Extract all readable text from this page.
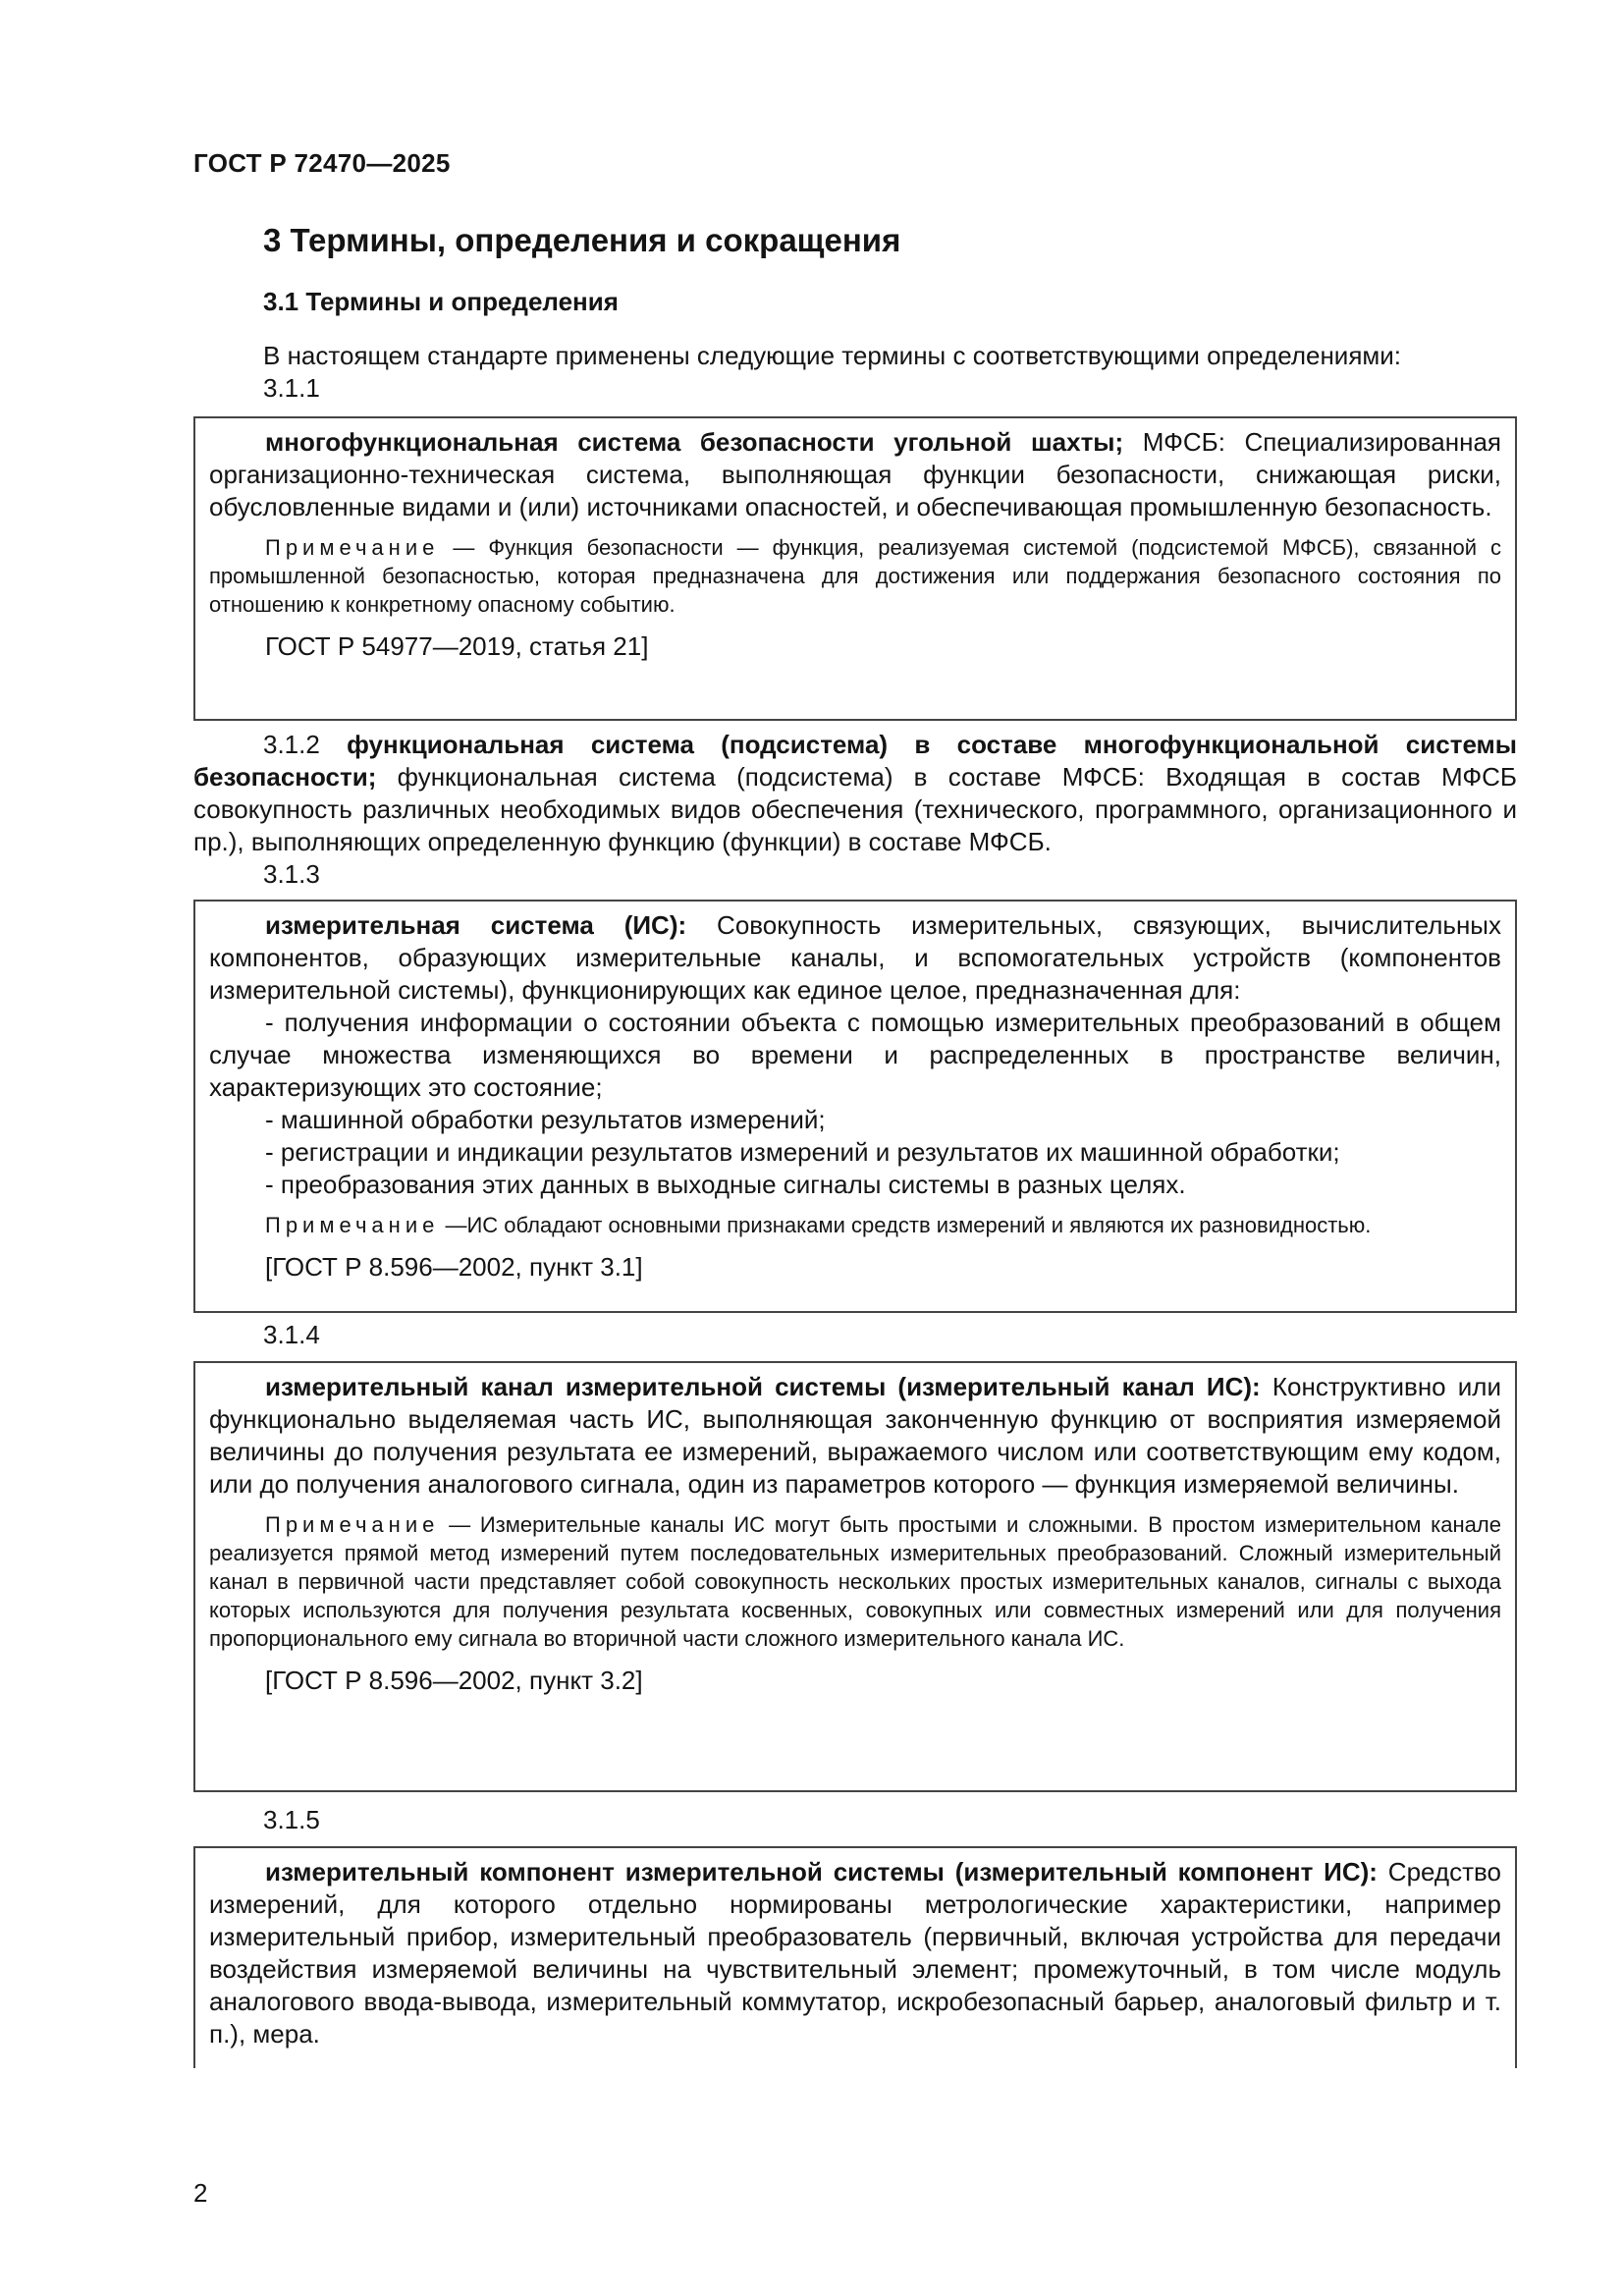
ГОСТ Р 72470—2025
3 Термины, определения и сокращения
3.1 Термины и определения
В настоящем стандарте применены следующие термины с соответствующими определениями:
3.1.1
многофункциональная система безопасности угольной шахты; МФСБ: Специализированная организационно-техническая система, выполняющая функции безопасности, снижающая риски, обусловленные видами и (или) источниками опасностей, и обеспечивающая промышленную безопасность.
Примечание — Функция безопасности — функция, реализуемая системой (подсистемой МФСБ), связанной с промышленной безопасностью, которая предназначена для достижения или поддержания безопасного состояния по отношению к конкретному опасному событию.
ГОСТ Р 54977—2019, статья 21]
3.1.2 функциональная система (подсистема) в составе многофункциональной системы безопасности; функциональная система (подсистема) в составе МФСБ: Входящая в состав МФСБ совокупность различных необходимых видов обеспечения (технического, программного, организационного и пр.), выполняющих определенную функцию (функции) в составе МФСБ.
3.1.3
измерительная система (ИС): Совокупность измерительных, связующих, вычислительных компонентов, образующих измерительные каналы, и вспомогательных устройств (компонентов измерительной системы), функционирующих как единое целое, предназначенная для:
- получения информации о состоянии объекта с помощью измерительных преобразований в общем случае множества изменяющихся во времени и распределенных в пространстве величин, характеризующих это состояние;
- машинной обработки результатов измерений;
- регистрации и индикации результатов измерений и результатов их машинной обработки;
- преобразования этих данных в выходные сигналы системы в разных целях.
Примечание —ИС обладают основными признаками средств измерений и являются их разновидностью.
[ГОСТ Р 8.596—2002, пункт 3.1]
3.1.4
измерительный канал измерительной системы (измерительный канал ИС): Конструктивно или функционально выделяемая часть ИС, выполняющая законченную функцию от восприятия измеряемой величины до получения результата ее измерений, выражаемого числом или соответствующим ему кодом, или до получения аналогового сигнала, один из параметров которого — функция измеряемой величины.
Примечание — Измерительные каналы ИС могут быть простыми и сложными. В простом измерительном канале реализуется прямой метод измерений путем последовательных измерительных преобразований. Сложный измерительный канал в первичной части представляет собой совокупность нескольких простых измерительных каналов, сигналы с выхода которых используются для получения результата косвенных, совокупных или совместных измерений или для получения пропорционального ему сигнала во вторичной части сложного измерительного канала ИС.
[ГОСТ Р 8.596—2002, пункт 3.2]
3.1.5
измерительный компонент измерительной системы (измерительный компонент ИС): Средство измерений, для которого отдельно нормированы метрологические характеристики, например измерительный прибор, измерительный преобразователь (первичный, включая устройства для передачи воздействия измеряемой величины на чувствительный элемент; промежуточный, в том числе модуль аналогового ввода-вывода, измерительный коммутатор, искробезопасный барьер, аналоговый фильтр и т. п.), мера.
2
